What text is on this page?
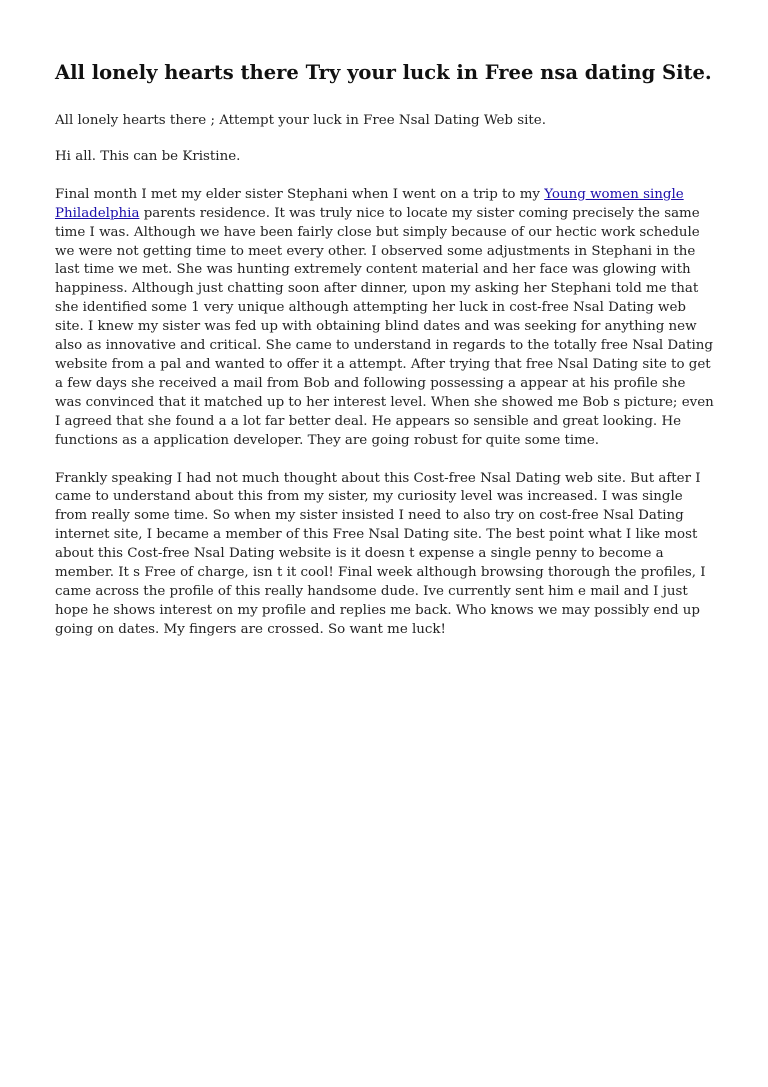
All lonely hearts there Try your luck in Free nsa dating Site.

All lonely hearts there ; Attempt your luck in Free Nsal Dating Web site.

Hi all. This can be Kristine.

Final month I met my elder sister Stephani when I went on a trip to my Young women single Philadelphia parents residence. It was truly nice to locate my sister coming precisely the same time I was. Although we have been fairly close but simply because of our hectic work schedule we were not getting time to meet every other. I observed some adjustments in Stephani in the last time we met. She was hunting extremely content material and her face was glowing with happiness. Although just chatting soon after dinner, upon my asking her Stephani told me that she identified some 1 very unique although attempting her luck in cost-free Nsal Dating web site. I knew my sister was fed up with obtaining blind dates and was seeking for anything new also as innovative and critical. She came to understand in regards to the totally free Nsal Dating website from a pal and wanted to offer it a attempt. After trying that free Nsal Dating site to get a few days she received a mail from Bob and following possessing a appear at his profile she was convinced that it matched up to her interest level. When she showed me Bob s picture; even I agreed that she found a a lot far better deal. He appears so sensible and great looking. He functions as a application developer. They are going robust for quite some time.

Frankly speaking I had not much thought about this Cost-free Nsal Dating web site. But after I came to understand about this from my sister, my curiosity level was increased. I was single from really some time. So when my sister insisted I need to also try on cost-free Nsal Dating internet site, I became a member of this Free Nsal Dating site. The best point what I like most about this Cost-free Nsal Dating website is it doesn t expense a single penny to become a member. It s Free of charge, isn t it cool! Final week although browsing thorough the profiles, I came across the profile of this really handsome dude. Ive currently sent him e mail and I just hope he shows interest on my profile and replies me back. Who knows we may possibly end up going on dates. My fingers are crossed. So want me luck!
